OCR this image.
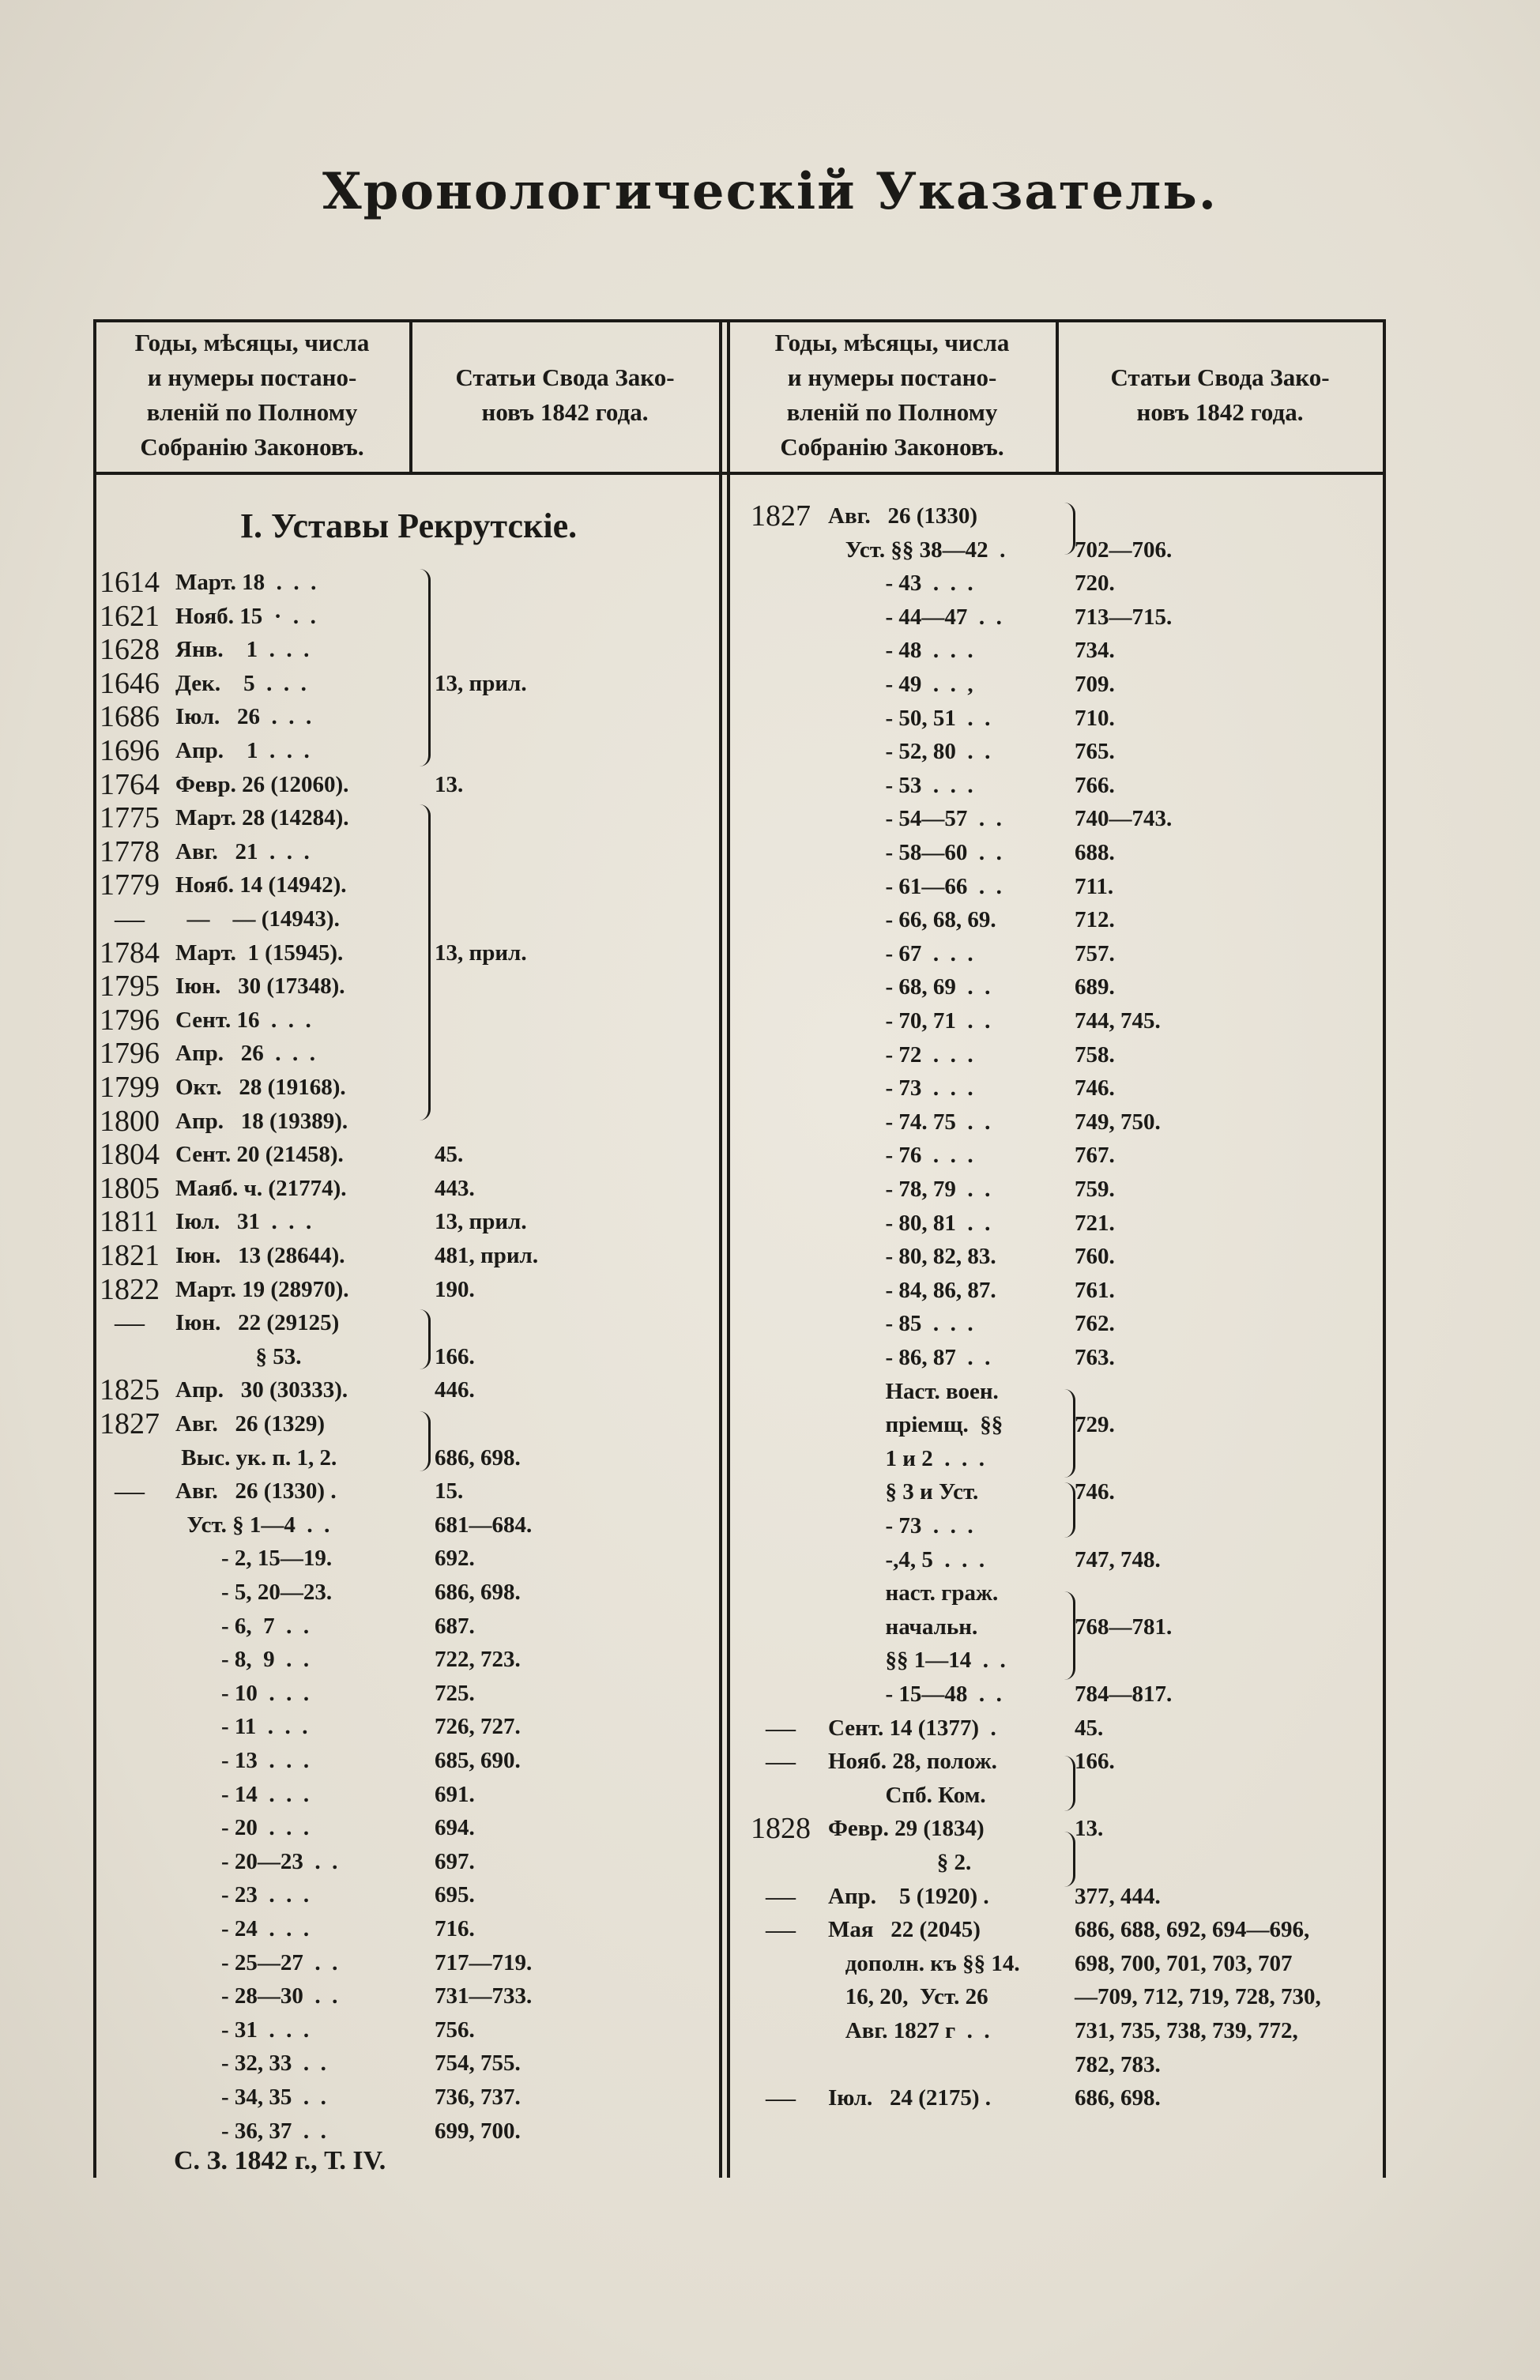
Хронологическій Указатель.
Годы, мѣсяцы, числа
и нумеры постано-
вленій по Полному
Собранію Законовъ.
Статьи Свода Зако-
новъ 1842 года.
Годы, мѣсяцы, числа
и нумеры постано-
вленій по Полному
Собранію Законовъ.
Статьи Свода Зако-
новъ 1842 года.
I. Уставы Рекрутскіе.
1614 Март. 18  .  .  .
1621 Нояб. 15  ·  .  .
1628 Янв.    1  .  .  .
1646 Дек.    5  .  .  .	13, прил.
1686 Іюл.   26  .  .  .
1696 Апр.    1  .  .  .
1764 Февр. 26 (12060).	13.
1775 Март. 28 (14284).
1778 Авг.   21  .  .  .
1779 Нояб. 14 (14942).
— —    — (14943).
1784 Март.  1 (15945).	13, прил.
1795 Іюн.   30 (17348).
1796 Сент. 16  .  .  .
1796 Апр.   26  .  .  .
1799 Окт.   28 (19168).
1800 Апр.   18 (19389).
1804 Сент. 20 (21458).	45.
1805 Маяб. ч. (21774).	443.
1811 Іюл.   31  .  .  .	13, прил.
1821 Іюн.   13 (28644).	481, прил.
1822 Март. 19 (28970).	190.
— Іюн.   22 (29125)
§ 53.	166.
1825 Апр.   30 (30333).	446.
1827 Авг.   26 (1329)
Выс. ук. п. 1, 2.	686, 698.
— Авг.   26 (1330) .	15.
Уст. § 1—4  .  .	681—684.
- 2, 15—19.	692.
- 5, 20—23.	686, 698.
- 6,  7  .  .	687.
- 8,  9  .  .	722, 723.
- 10  .  .  .	725.
- 11  .  .  .	726, 727.
- 13  .  .  .	685, 690.
- 14  .  .  .	691.
- 20  .  .  .	694.
- 20—23  .  .	697.
- 23  .  .  .	695.
- 24  .  .  .	716.
- 25—27  .  .	717—719.
- 28—30  .  .	731—733.
- 31  .  .  .	756.
- 32, 33  .  .	754, 755.
- 34, 35  .  .	736, 737.
- 36, 37  .  .	699, 700.
1827 Авг.   26 (1330)
Уст. §§ 38—42  .	702—706.
- 43  .  .  .	720.
- 44—47  .  .	713—715.
- 48  .  .  .	734.
- 49  .  .  ,	709.
- 50, 51  .  .	710.
- 52, 80  .  .	765.
- 53  .  .  .	766.
- 54—57  .  .	740—743.
- 58—60  .  .	688.
- 61—66  .  .	711.
- 66, 68, 69.	712.
- 67  .  .  .	757.
- 68, 69  .  .	689.
- 70, 71  .  .	744, 745.
- 72  .  .  .	758.
- 73  .  .  .	746.
- 74. 75  .  .	749, 750.
- 76  .  .  .	767.
- 78, 79  .  .	759.
- 80, 81  .  .	721.
- 80, 82, 83.	760.
- 84, 86, 87.	761.
- 85  .  .  .	762.
- 86, 87  .  .	763.
Наст. воен.
пріемщ.  §§	729.
1 и 2  .  .  .
§ 3 и Уст.	746.
- 73  .  .  .
-,4, 5  .  .  .	747, 748.
наст. граж.
начальн.	768—781.
§§ 1—14  .  .
- 15—48  .  .	784—817.
— Сент. 14 (1377)  .	45.
— Нояб. 28, полож.	166.
Спб. Ком.
1828 Февр. 29 (1834)	13.
§ 2.
— Апр.    5 (1920) .	377, 444.
— Мая   22 (2045)	686, 688, 692, 694—696,
дополн. къ §§ 14. 698, 700, 701, 703, 707
16, 20,  Уст. 26	—709, 712, 719, 728, 730,
Авг. 1827 г  .  .	731, 735, 738, 739, 772,
782, 783.
— Іюл.   24 (2175) .	686, 698.
С. З. 1842 г., Т. IV.
